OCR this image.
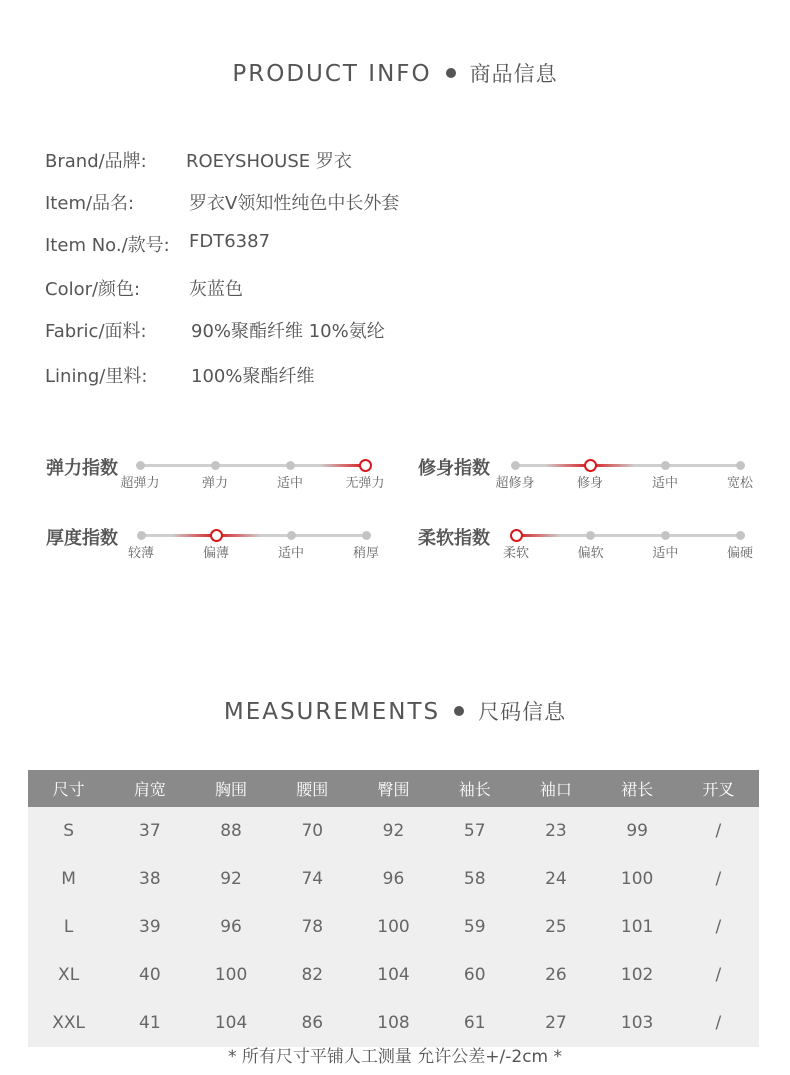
PRODUCT INFO 商品信息
Brand/品牌: ROEYSHOUSE 罗衣
Item/品名:	罗衣V领知性纯色中长外套
Item No./款号: FDT6387
Color/颜色:	灰蓝色
Fabric/面料: 90%聚酯纤维 10%氨纶
Lining/里料: 100%聚酯纤维
弹力指数
超弹力	弹力	适中	无弹力
修身指数
超修身	修身	适中	宽松
厚度指数
较薄	偏薄	适中	稍厚
柔软指数
柔软	偏软	适中	偏硬
MEASUREMENTS 尺码信息
尺寸	肩宽	胸围	腰围	臀围	袖长	袖口	裙长	开叉
S	37	88	70	92	57	23	99	/
M	38	92	74	96	58	24	100	/
L	39	96	78	100	59	25	101	/
XL	40	100	82	104	60	26	102	/
XXL	41	104	86	108	61	27	103	/
* 所有尺寸平铺人工测量 允许公差+/-2cm *
